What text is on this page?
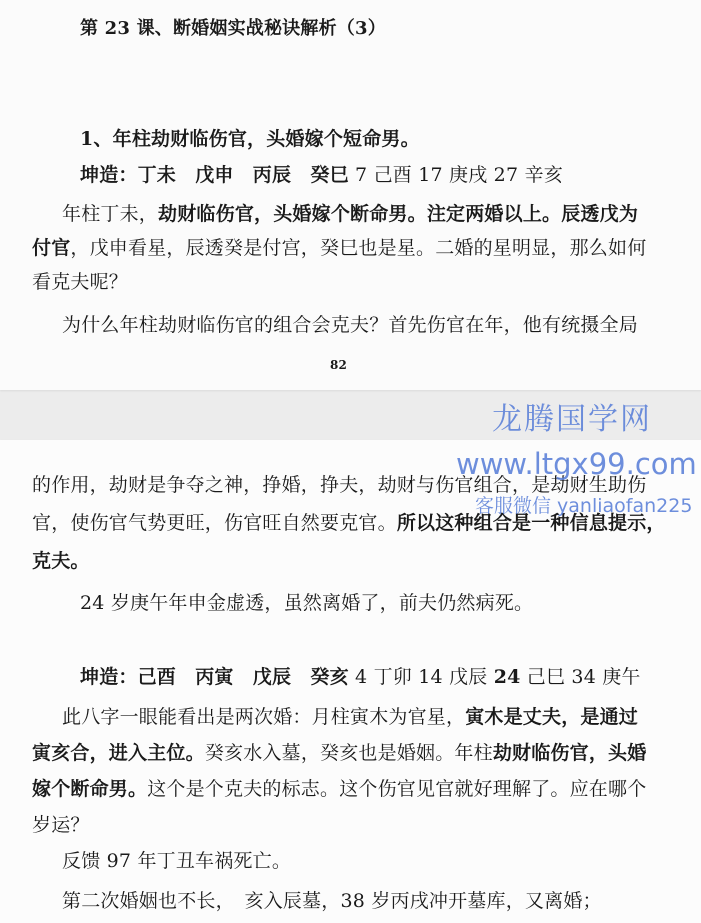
第 23 课、断婚姻实战秘诀解析（3）
1、年柱劫财临伤官，头婚嫁个短命男。
坤造：丁未　戊申　丙辰　癸巳 7 己酉 17 庚戌 27 辛亥
年柱丁未，劫财临伤官，头婚嫁个断命男。注定两婚以上。辰透戊为
付官，戊申看星，辰透癸是付宫，癸巳也是星。二婚的星明显，那么如何
看克夫呢？
为什么年柱劫财临伤官的组合会克夫？首先伤官在年，他有统摄全局
82
的作用，劫财是争夺之神，挣婚，挣夫，劫财与伤官组合，是劫财生助伤
官，使伤官气势更旺，伤官旺自然要克官。所以这种组合是一种信息提示，
克夫。
24 岁庚午年申金虚透，虽然离婚了，前夫仍然病死。
坤造：己酉　丙寅　戊辰　癸亥 4 丁卯 14 戊辰 24 己巳 34 庚午
此八字一眼能看出是两次婚：月柱寅木为官星，寅木是丈夫，是通过
寅亥合，进入主位。癸亥水入墓，癸亥也是婚姻。年柱劫财临伤官，头婚
嫁个断命男。这个是个克夫的标志。这个伤官见官就好理解了。应在哪个
岁运？
反馈 97 年丁丑车祸死亡。
第二次婚姻也不长，　亥入辰墓，38 岁丙戌冲开墓库，又离婚；
龙腾国学网
www.ltgx99.com
客服微信 yanliaofan225
